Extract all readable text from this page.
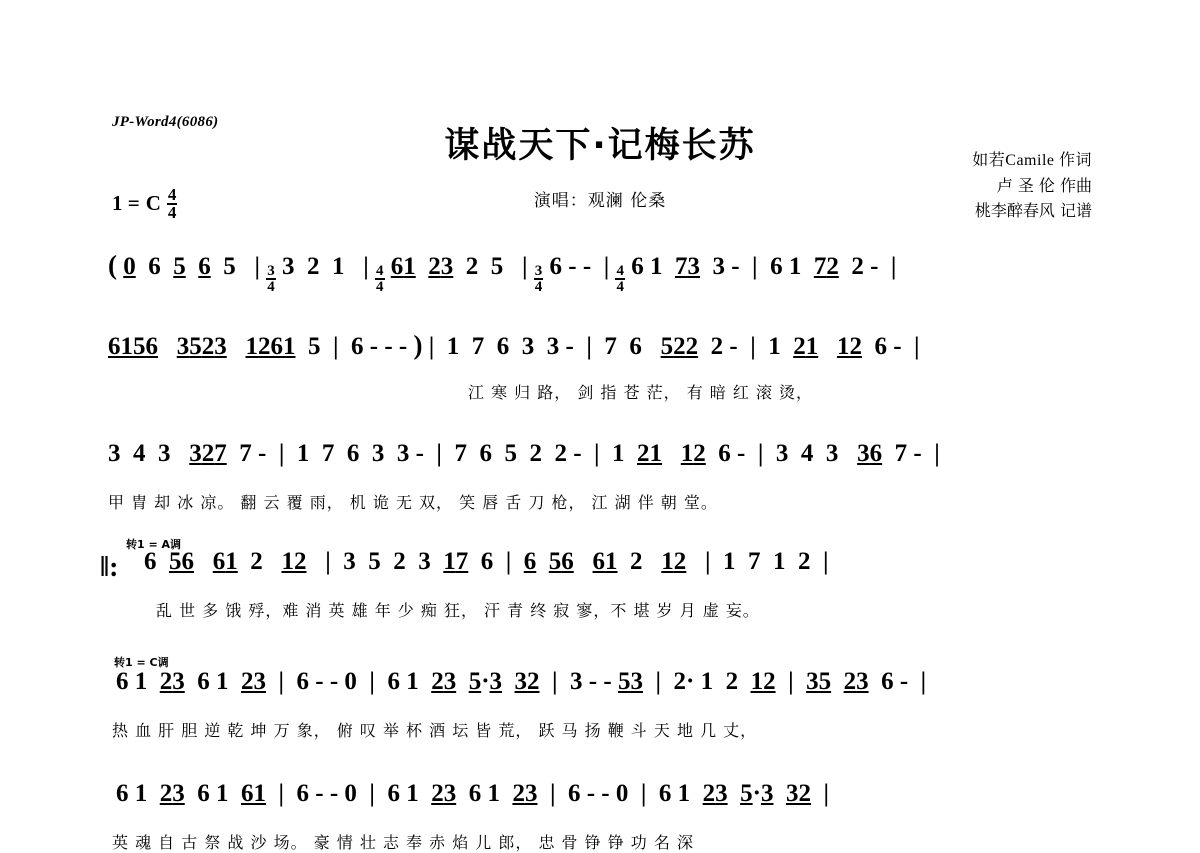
JP-Word4(6086)
谋战天下·记梅长苏
演唱：观澜 伦桑
如若Camile 作词
卢 圣 伦 作曲
桃李醉春风 记谱
1 = C $\frac{4}{4}$
( 0 6 5 6 5 | $\frac{3}{4} 3$ 2 1 | $\frac{4}{4} 61$ 23 2 5 | $\frac{3}{4} 6$ - - | $\frac{4}{4} 6$ 1 73 3 - | 6 1 72 2 - |
6156 3523 1261 5 | 6 - - - ) | 1 7 6 3 3 - | 7 6 522 2 - | 1 21 12 6 - |
江 寒 归 路， 剑 指 苍 茫， 有 暗 红 滚 烫，
3 4 3 327 7 - | 1 7 6 3 3 - | 7 6 5 2 2 - | 1 21 12 6 - | 3 4 3 36 7 - |
甲 胄 却 冰 凉。 翻 云 覆 雨， 机 诡 无 双， 笑 唇 舌 刀 枪， 江 湖 伴 朝 堂。
转1 = A调
‖: 6 56 61 2 12 | 3 5 2 3 17 6 | 6 56 61 2 12 | 1 7 1 2 |
乱 世 多 饿 殍，难 消 英 雄 年 少 痴 狂， 汗 青 终 寂 寥，不 堪 岁 月 虚 妄。
转1 = C调
6 1 23 6 1 23 | 6 - - 0 | 6 1 23 5·3 32 | 3 - - 53 | 2· 1 2 12 | 35 23 6 - |
热 血 肝 胆 逆 乾 坤 万 象， 俯 叹 举 杯 酒 坛 皆 荒， 跃 马 扬 鞭 斗 天 地 几 丈，
6 1 23 6 1 61 | 6 - - 0 | 6 1 23 6 1 23 | 6 - - 0 | 6 1 23 5·3 32 |
英 魂 自 古 祭 战 沙 场。 豪 情 壮 志 奉 赤 焰 儿 郎， 忠 骨 铮 铮 功 名 深
